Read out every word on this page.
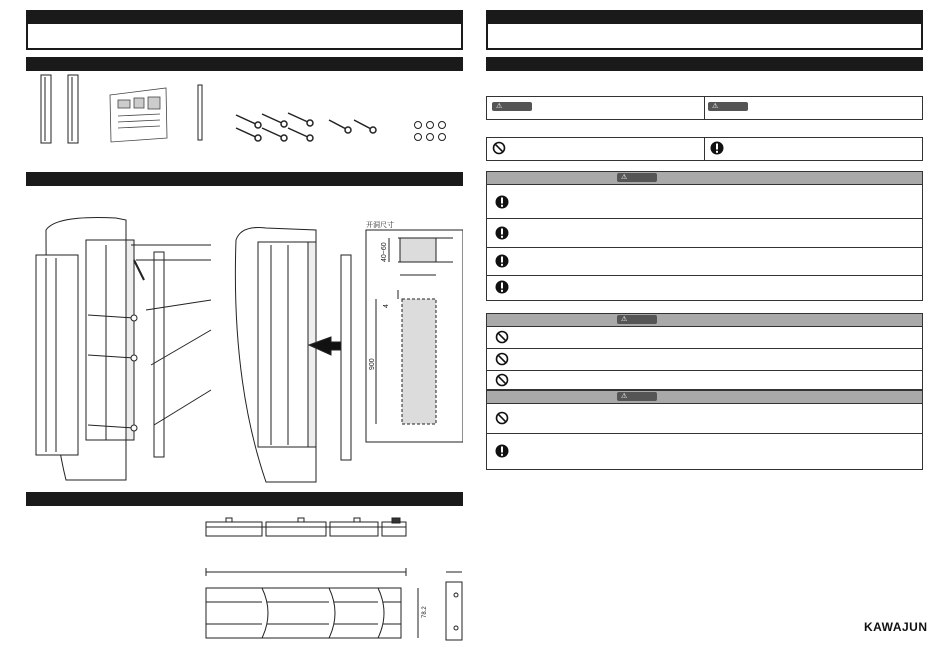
开洞尺寸
40~60
4
900
78.2
⚠	⚠
⚠
⚠
⚠
KAWAJUN
